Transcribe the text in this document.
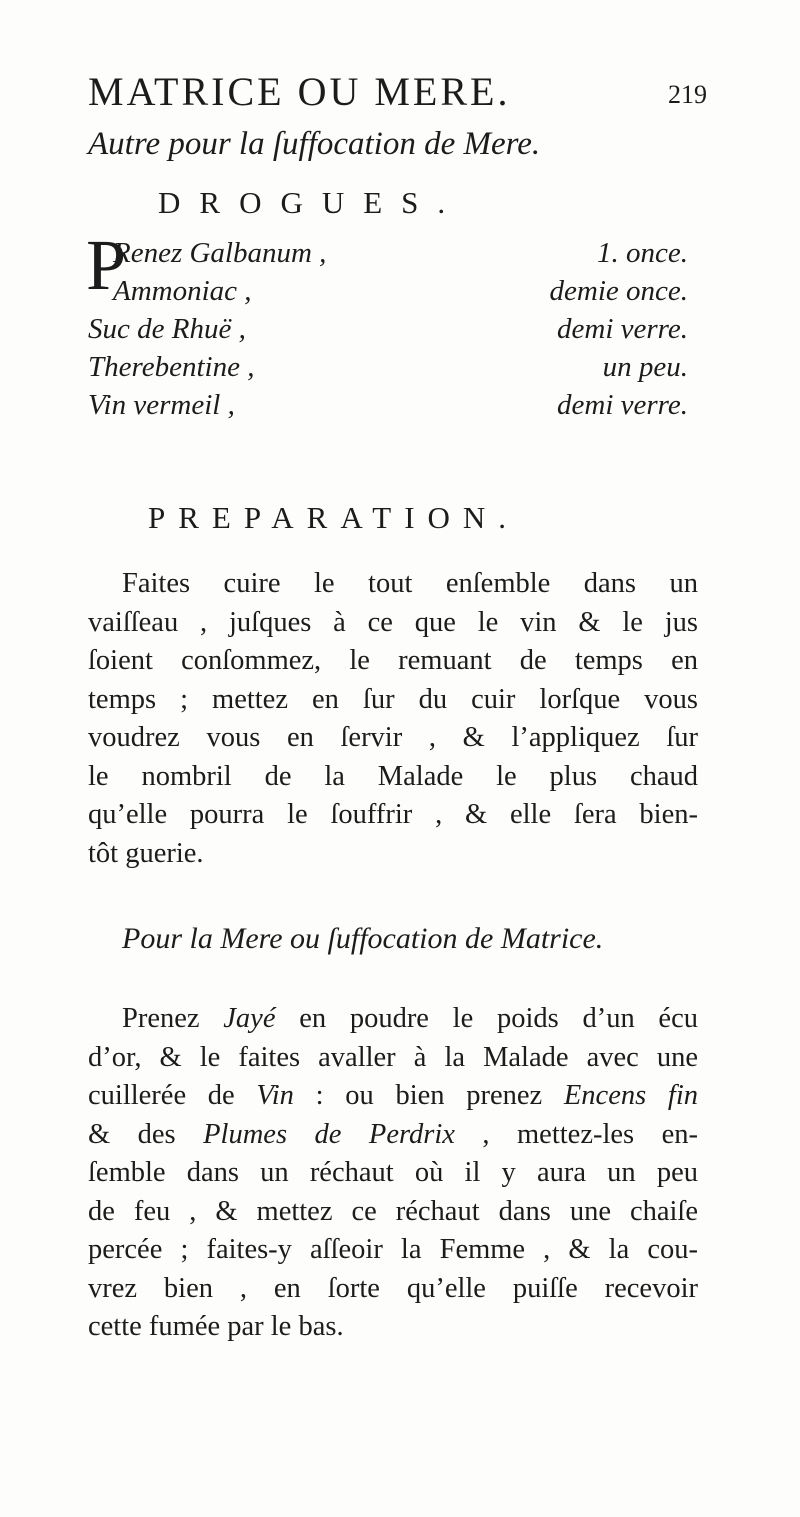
MATRICE OU MERE.	219
Autre pour la ſuffocation de Mere.
DROGUES.
P
Renez Galbanum ,	1. once.
Ammoniac ,	demie once.
Suc de Rhuë ,	demi verre.
Therebentine ,	un peu.
Vin vermeil ,	demi verre.
PREPARATION.
Faites cuire le tout enſemble dans un
vaiſſeau , juſques à ce que le vin & le jus
ſoient conſommez, le remuant de temps en
temps ; mettez en ſur du cuir lorſque vous
voudrez vous en ſervir , & l’appliquez ſur
le nombril de la Malade le plus chaud
qu’elle pourra le ſouffrir , & elle ſera bien-
tôt guerie.
Pour la Mere ou ſuffocation de Matrice.
Prenez Jayé en poudre le poids d’un écu
d’or, & le faites avaller à la Malade avec une
cuillerée de Vin : ou bien prenez Encens fin
& des Plumes de Perdrix , mettez-les en-
ſemble dans un réchaut où il y aura un peu
de feu , & mettez ce réchaut dans une chaiſe
percée ; faites-y aſſeoir la Femme , & la cou-
vrez bien , en ſorte qu’elle puiſſe recevoir
cette fumée par le bas.
